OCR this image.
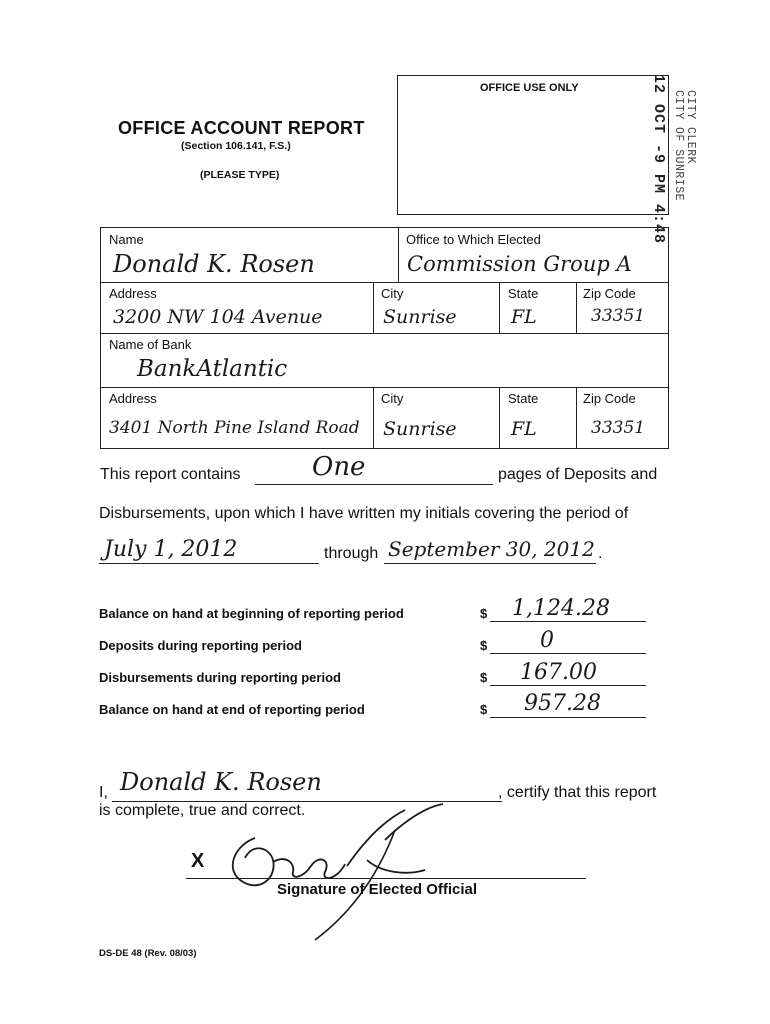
OFFICE ACCOUNT REPORT
(Section 106.141, F.S.)
(PLEASE TYPE)
OFFICE USE ONLY	12 OCT -9 PM 4:48 CITY CLERK
CITY OF SUNRISE
Name
Donald K. Rosen
Office to Which Elected
Commission Group A
Address
3200 NW 104 Avenue
City
Sunrise
State
FL
Zip Code
33351
Name of Bank
BankAtlantic
Address
3401 North Pine Island Road
City
Sunrise
State
FL
Zip Code
33351
This report contains	One	pages of Deposits and
Disbursements, upon which I have written my initials covering the period of
July 1, 2012	through September 30, 2012 .
Balance on hand at beginning of reporting period	$ 1,124.28
Deposits during reporting period	$ 0
Disbursements during reporting period	$ 167.00
Balance on hand at end of reporting period	$ 957.28
I, Donald K. Rosen	, certify that this report
is complete, true and correct.
X
Signature of Elected Official
DS-DE 48 (Rev. 08/03)
